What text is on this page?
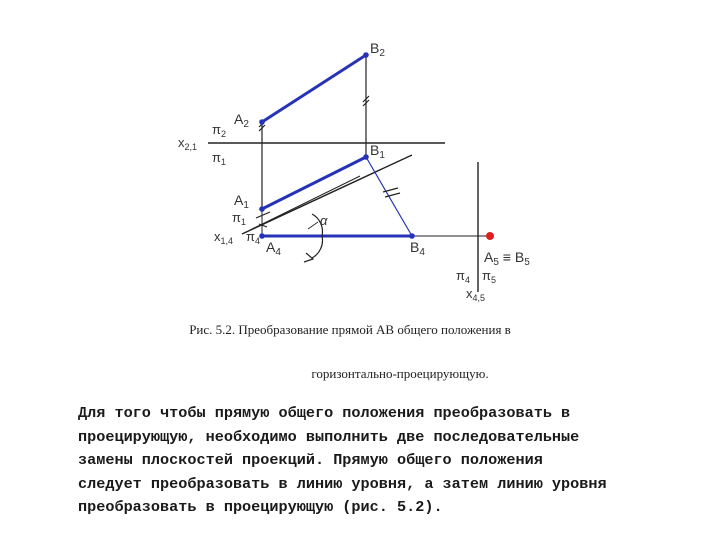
$B_2$
$A_2$
$\pi_2$
$x_{2,1}$
$\pi_1$
$B_1$
$A_1$
$\pi_1$
$x_{1,4}$ $\pi_4$ $A_4$	$B_4$
α
$A_5 \equiv B_5$
$\pi_4$ $\pi_5$
$x_{4,5}$
Рис. 5.2. Преобразование прямой АВ общего положения в
горизонтально-проецирующую.

Для того чтобы прямую общего положения преобразовать в
проецирующую, необходимо выполнить две последовательные
замены плоскостей проекций. Прямую общего положения
следует преобразовать в линию уровня, а затем линию уровня
преобразовать в проецирующую (рис. 5.2).
